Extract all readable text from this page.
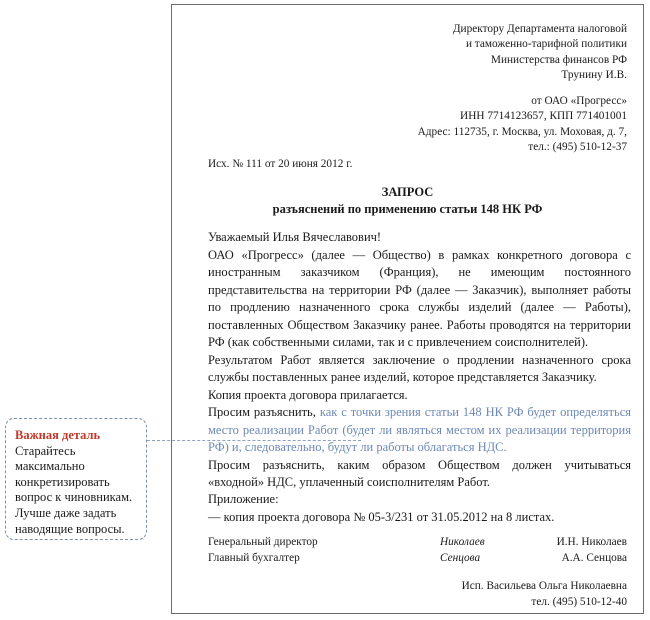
Директору Департамента налоговой
и таможенно-тарифной политики
Министерства финансов РФ
Трунину И.В.
от ОАО «Прогресс»
ИНН 7714123657, КПП 771401001
Адрес: 112735, г. Москва, ул. Моховая, д. 7,
тел.: (495) 510-12-37
Исх. № 111 от 20 июня 2012 г.
ЗАПРОС
разъяснений по применению статьи 148 НК РФ
Уважаемый Илья Вячеславович!
ОАО «Прогресс» (далее — Общество) в рамках конкретного договора с иностранным заказчиком (Франция), не имеющим постоянного представительства на территории РФ (далее — Заказчик), выполняет работы по продлению назначенного срока службы изделий (далее — Работы), поставленных Обществом Заказчику ранее. Работы проводятся на территории РФ (как собственными силами, так и с привлечением соисполнителей).
Результатом Работ является заключение о продлении назначенного срока службы поставленных ранее изделий, которое представляется Заказчику.
Копия проекта договора прилагается.
Просим разъяснить, как с точки зрения статьи 148 НК РФ будет определяться место реализации Работ (будет ли являться местом их реализации территория РФ) и, следовательно, будут ли работы облагаться НДС.
Просим разъяснить, каким образом Обществом должен учитываться «входной» НДС, уплаченный соисполнителям Работ.
Приложение:
— копия проекта договора № 05-3/231 от 31.05.2012 на 8 листах.
Генеральный директор	Николаев	И.Н. Николаев
Главный бухгалтер	Сенцова	А.А. Сенцова
Исп. Васильева Ольга Николаевна
тел. (495) 510-12-40
Важная деталь
Старайтесь максимально конкретизировать вопрос к чиновникам. Лучше даже задать наводящие вопросы.
